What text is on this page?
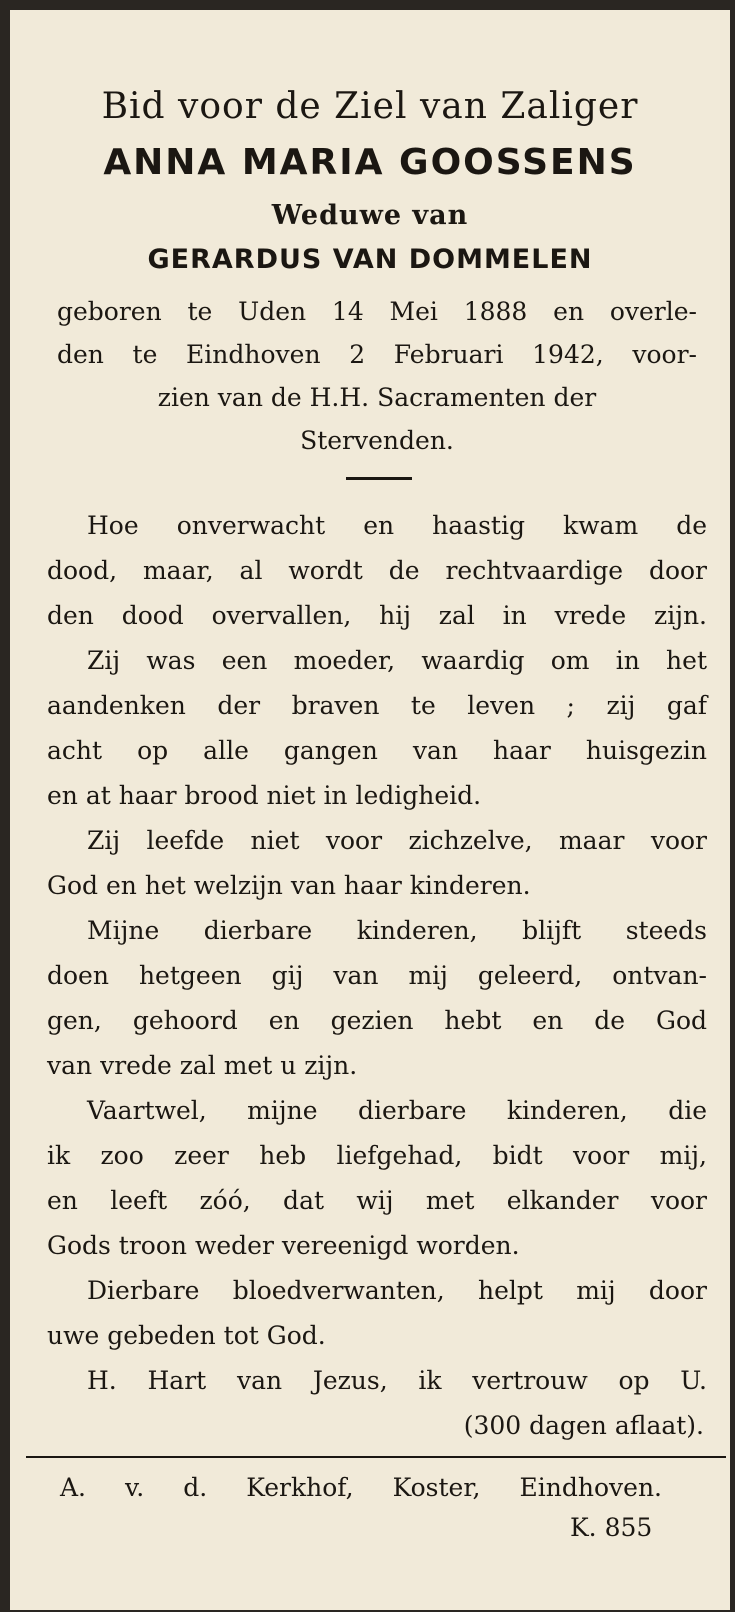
Bid voor de Ziel van Zaliger
ANNA MARIA GOOSSENS
Weduwe van
GERARDUS VAN DOMMELEN
geboren te Uden 14 Mei 1888 en overle-
den te Eindhoven 2 Februari 1942, voor-
zien van de H.H. Sacramenten der
Stervenden.
Hoe onverwacht en haastig kwam de
dood, maar, al wordt de rechtvaardige door
den dood overvallen, hij zal in vrede zijn.
Zij was een moeder, waardig om in het
aandenken der braven te leven ; zij gaf
acht op alle gangen van haar huisgezin
en at haar brood niet in ledigheid.
Zij leefde niet voor zichzelve, maar voor
God en het welzijn van haar kinderen.
Mijne dierbare kinderen, blijft steeds
doen hetgeen gij van mij geleerd, ontvan-
gen, gehoord en gezien hebt en de God
van vrede zal met u zijn.
Vaartwel, mijne dierbare kinderen, die
ik zoo zeer heb liefgehad, bidt voor mij,
en leeft zóó, dat wij met elkander voor
Gods troon weder vereenigd worden.
Dierbare bloedverwanten, helpt mij door
uwe gebeden tot God.
H. Hart van Jezus, ik vertrouw op U.
(300 dagen aflaat).
A. v. d. Kerkhof, Koster, Eindhoven.
K. 855
